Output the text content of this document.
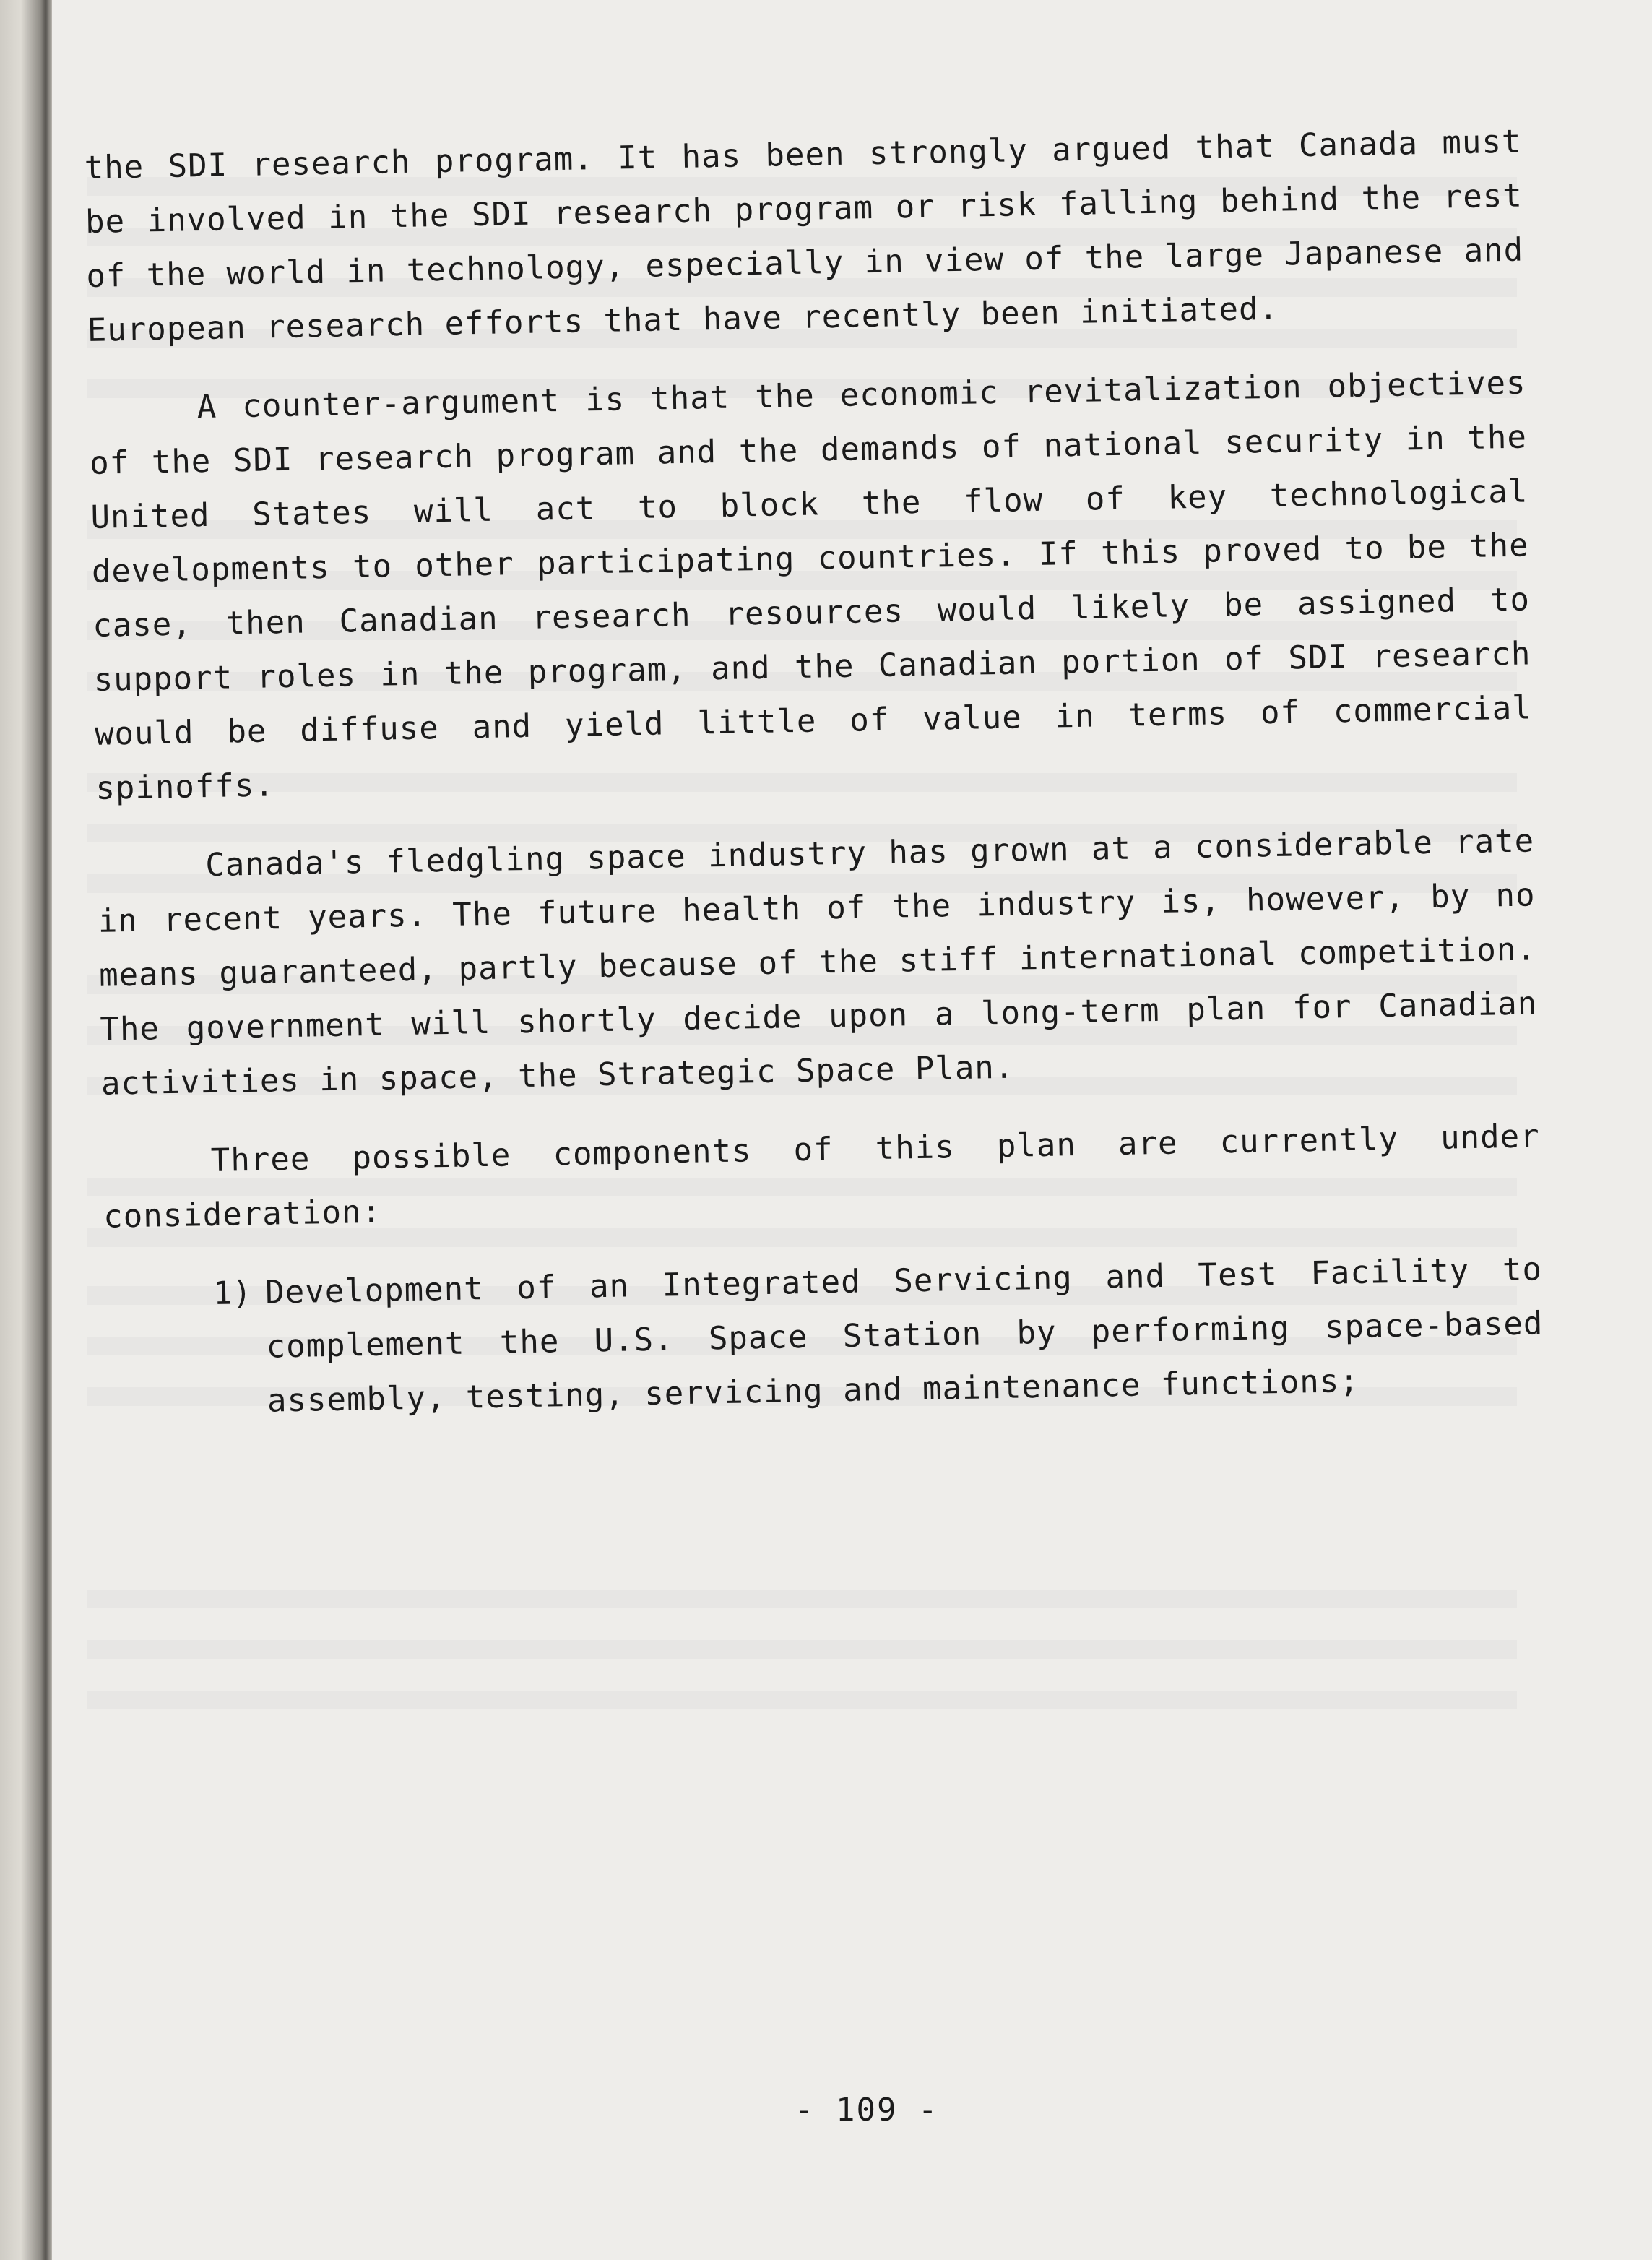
the SDI research program. It has been strongly argued that Canada must be involved in the SDI research program or risk falling behind the rest of the world in technology, especially in view of the large Japanese and European research efforts that have recently been initiated.

A counter-argument is that the economic revitalization objectives of the SDI research program and the demands of national security in the United States will act to block the flow of key technological developments to other participating countries. If this proved to be the case, then Canadian research resources would likely be assigned to support roles in the program, and the Canadian portion of SDI research would be diffuse and yield little of value in terms of commercial spinoffs.

Canada's fledgling space industry has grown at a considerable rate in recent years. The future health of the industry is, however, by no means guaranteed, partly because of the stiff international competition. The government will shortly decide upon a long-term plan for Canadian activities in space, the Strategic Space Plan.

Three possible components of this plan are currently under consideration:

1) Development of an Integrated Servicing and Test Facility to complement the U.S. Space Station by performing space-based assembly, testing, servicing and maintenance functions;

- 109 -
